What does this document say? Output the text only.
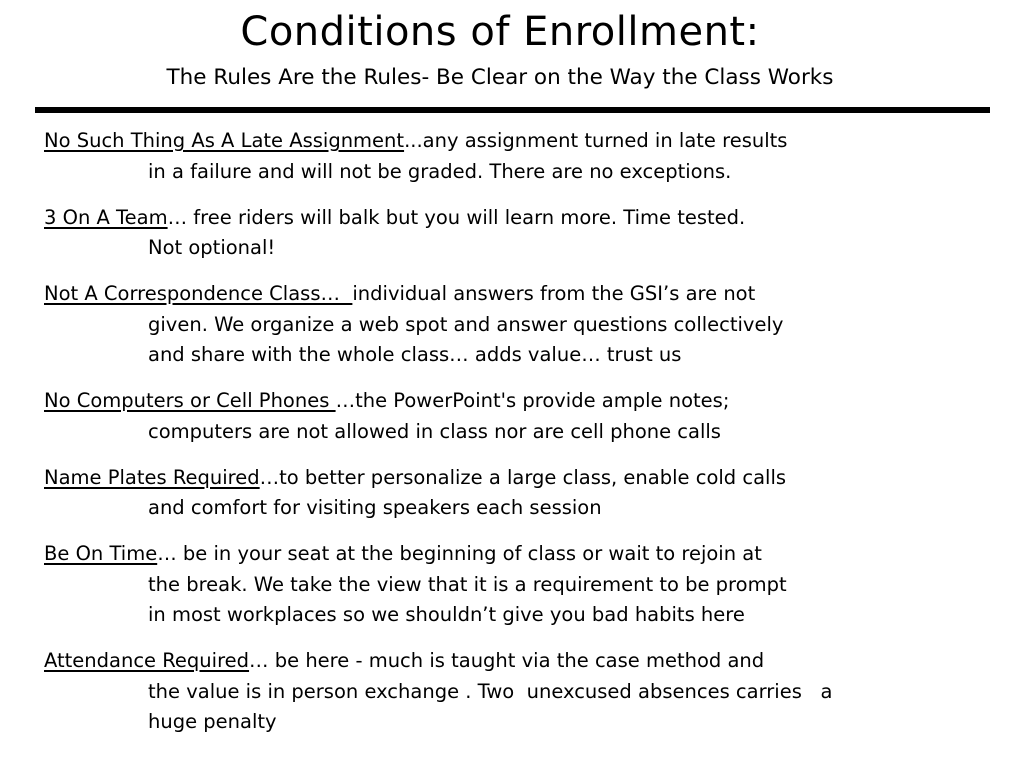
Conditions of Enrollment:
The Rules Are the Rules- Be Clear on the Way the Class Works
No Such Thing As A Late Assignment...any assignment turned in late results
in a failure and will not be graded. There are no exceptions.
3 On A Team… free riders will balk but you will learn more. Time tested.
Not optional!
Not A Correspondence Class…  individual answers from the GSI’s are not
given. We organize a web spot and answer questions collectively
and share with the whole class… adds value… trust us
No Computers or Cell Phones …the PowerPoint's provide ample notes;
computers are not allowed in class nor are cell phone calls
Name Plates Required…to better personalize a large class, enable cold calls
and comfort for visiting speakers each session
Be On Time… be in your seat at the beginning of class or wait to rejoin at
the break. We take the view that it is a requirement to be prompt
in most workplaces so we shouldn’t give you bad habits here
Attendance Required… be here - much is taught via the case method and
the value is in person exchange . Two  unexcused absences carries   a
huge penalty
